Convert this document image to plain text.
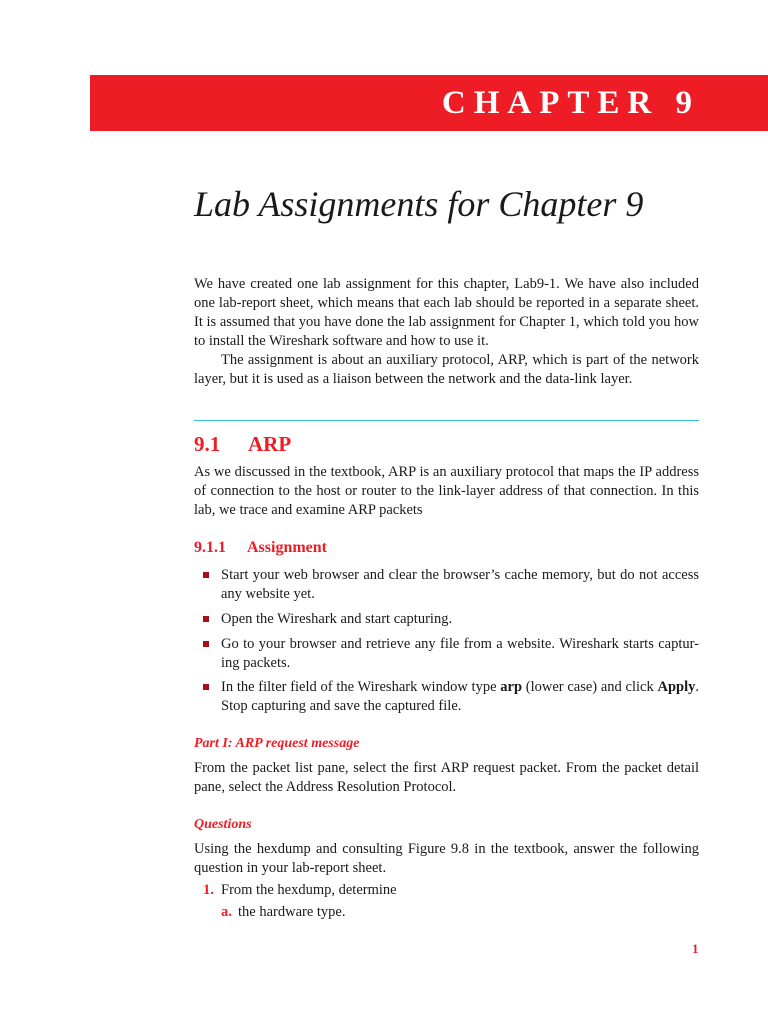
CHAPTER 9
Lab Assignments for Chapter 9

We have created one lab assignment for this chapter, Lab9-1. We have also included one lab-report sheet, which means that each lab should be reported in a separate sheet. It is assumed that you have done the lab assignment for Chapter 1, which told you how to install the Wireshark software and how to use it.

The assignment is about an auxiliary protocol, ARP, which is part of the network layer, but it is used as a liaison between the network and the data-link layer.

9.1 ARP

As we discussed in the textbook, ARP is an auxiliary protocol that maps the IP address of connection to the host or router to the link-layer address of that connection. In this lab, we trace and examine ARP packets

9.1.1 Assignment
Start your web browser and clear the browser’s cache memory, but do not access any website yet.
Open the Wireshark and start capturing.
Go to your browser and retrieve any file from a website. Wireshark starts captur-ing packets.
In the filter field of the Wireshark window type arp (lower case) and click Apply. Stop capturing and save the captured file.
Part I: ARP request message

From the packet list pane, select the first ARP request packet. From the packet detail pane, select the Address Resolution Protocol.

Questions

Using the hexdump and consulting Figure 9.8 in the textbook, answer the following question in your lab-report sheet.

1. From the hexdump, determine
a. the hardware type.
1
